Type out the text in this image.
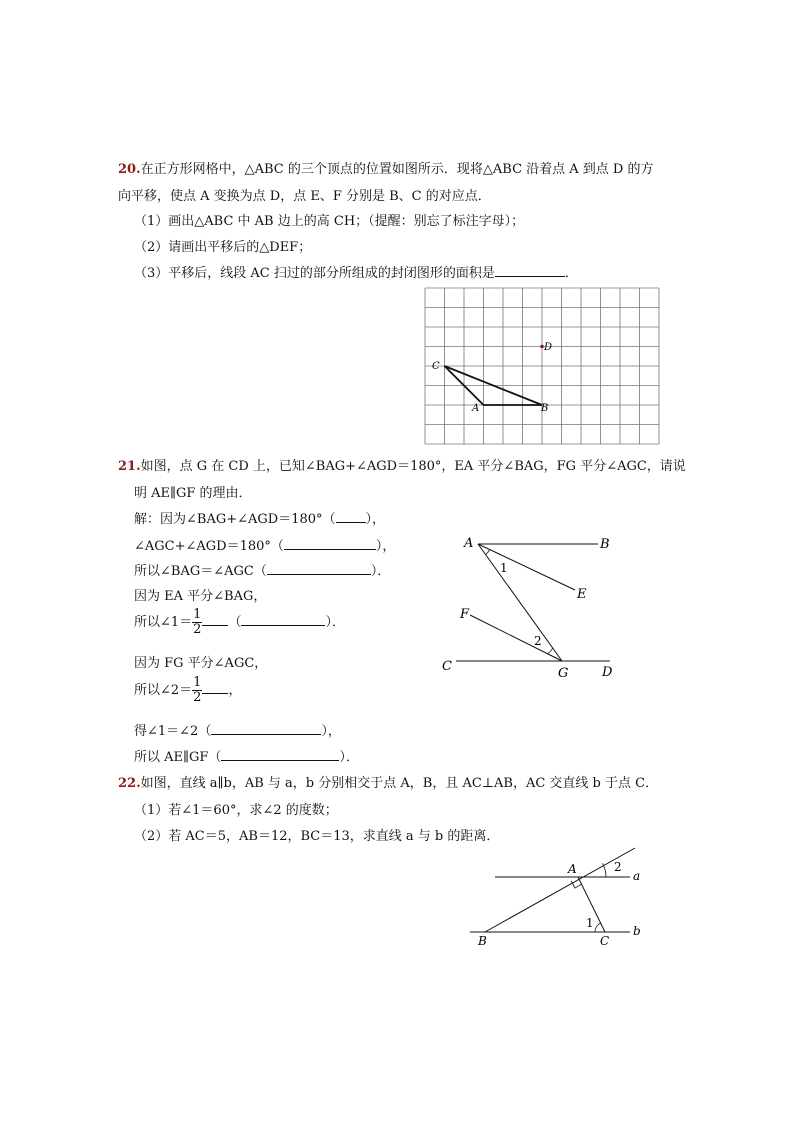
20.在正方形网格中，△ABC 的三个顶点的位置如图所示．现将△ABC 沿着点 A 到点 D 的方
向平移，使点 A 变换为点 D，点 E、F 分别是 B、C 的对应点．
（1）画出△ABC 中 AB 边上的高 CH；（提醒：别忘了标注字母）；
（2）请画出平移后的△DEF；
（3）平移后，线段 AC 扫过的部分所组成的封闭图形的面积是	．
C
A	B
D
21.如图，点 G 在 CD 上，已知∠BAG+∠AGD＝180°，EA 平分∠BAG，FG 平分∠AGC，请说
明 AE∥GF 的理由．
解：因为∠BAG+∠AGD＝180°（ ），
∠AGC+∠AGD＝180°（	），
所以∠BAG＝∠AGC（	）．
因为 EA 平分∠BAG，
所以∠1＝ $\frac{1}{2}$ （	）．
因为 FG 平分∠AGC，
所以∠2＝ $\frac{1}{2}$ ，
得∠1＝∠2（	），
所以 AE∥GF（	）．
A	B
E
F
C	G	D
1
2
22.如图，直线 a∥b，AB 与 a，b 分别相交于点 A，B，且 AC⊥AB，AC 交直线 b 于点 C．
（1）若∠1＝60°，求∠2 的度数；
（2）若 AC＝5，AB＝12，BC＝13，求直线 a 与 b 的距离．
A
B	C
a
b
1
2
